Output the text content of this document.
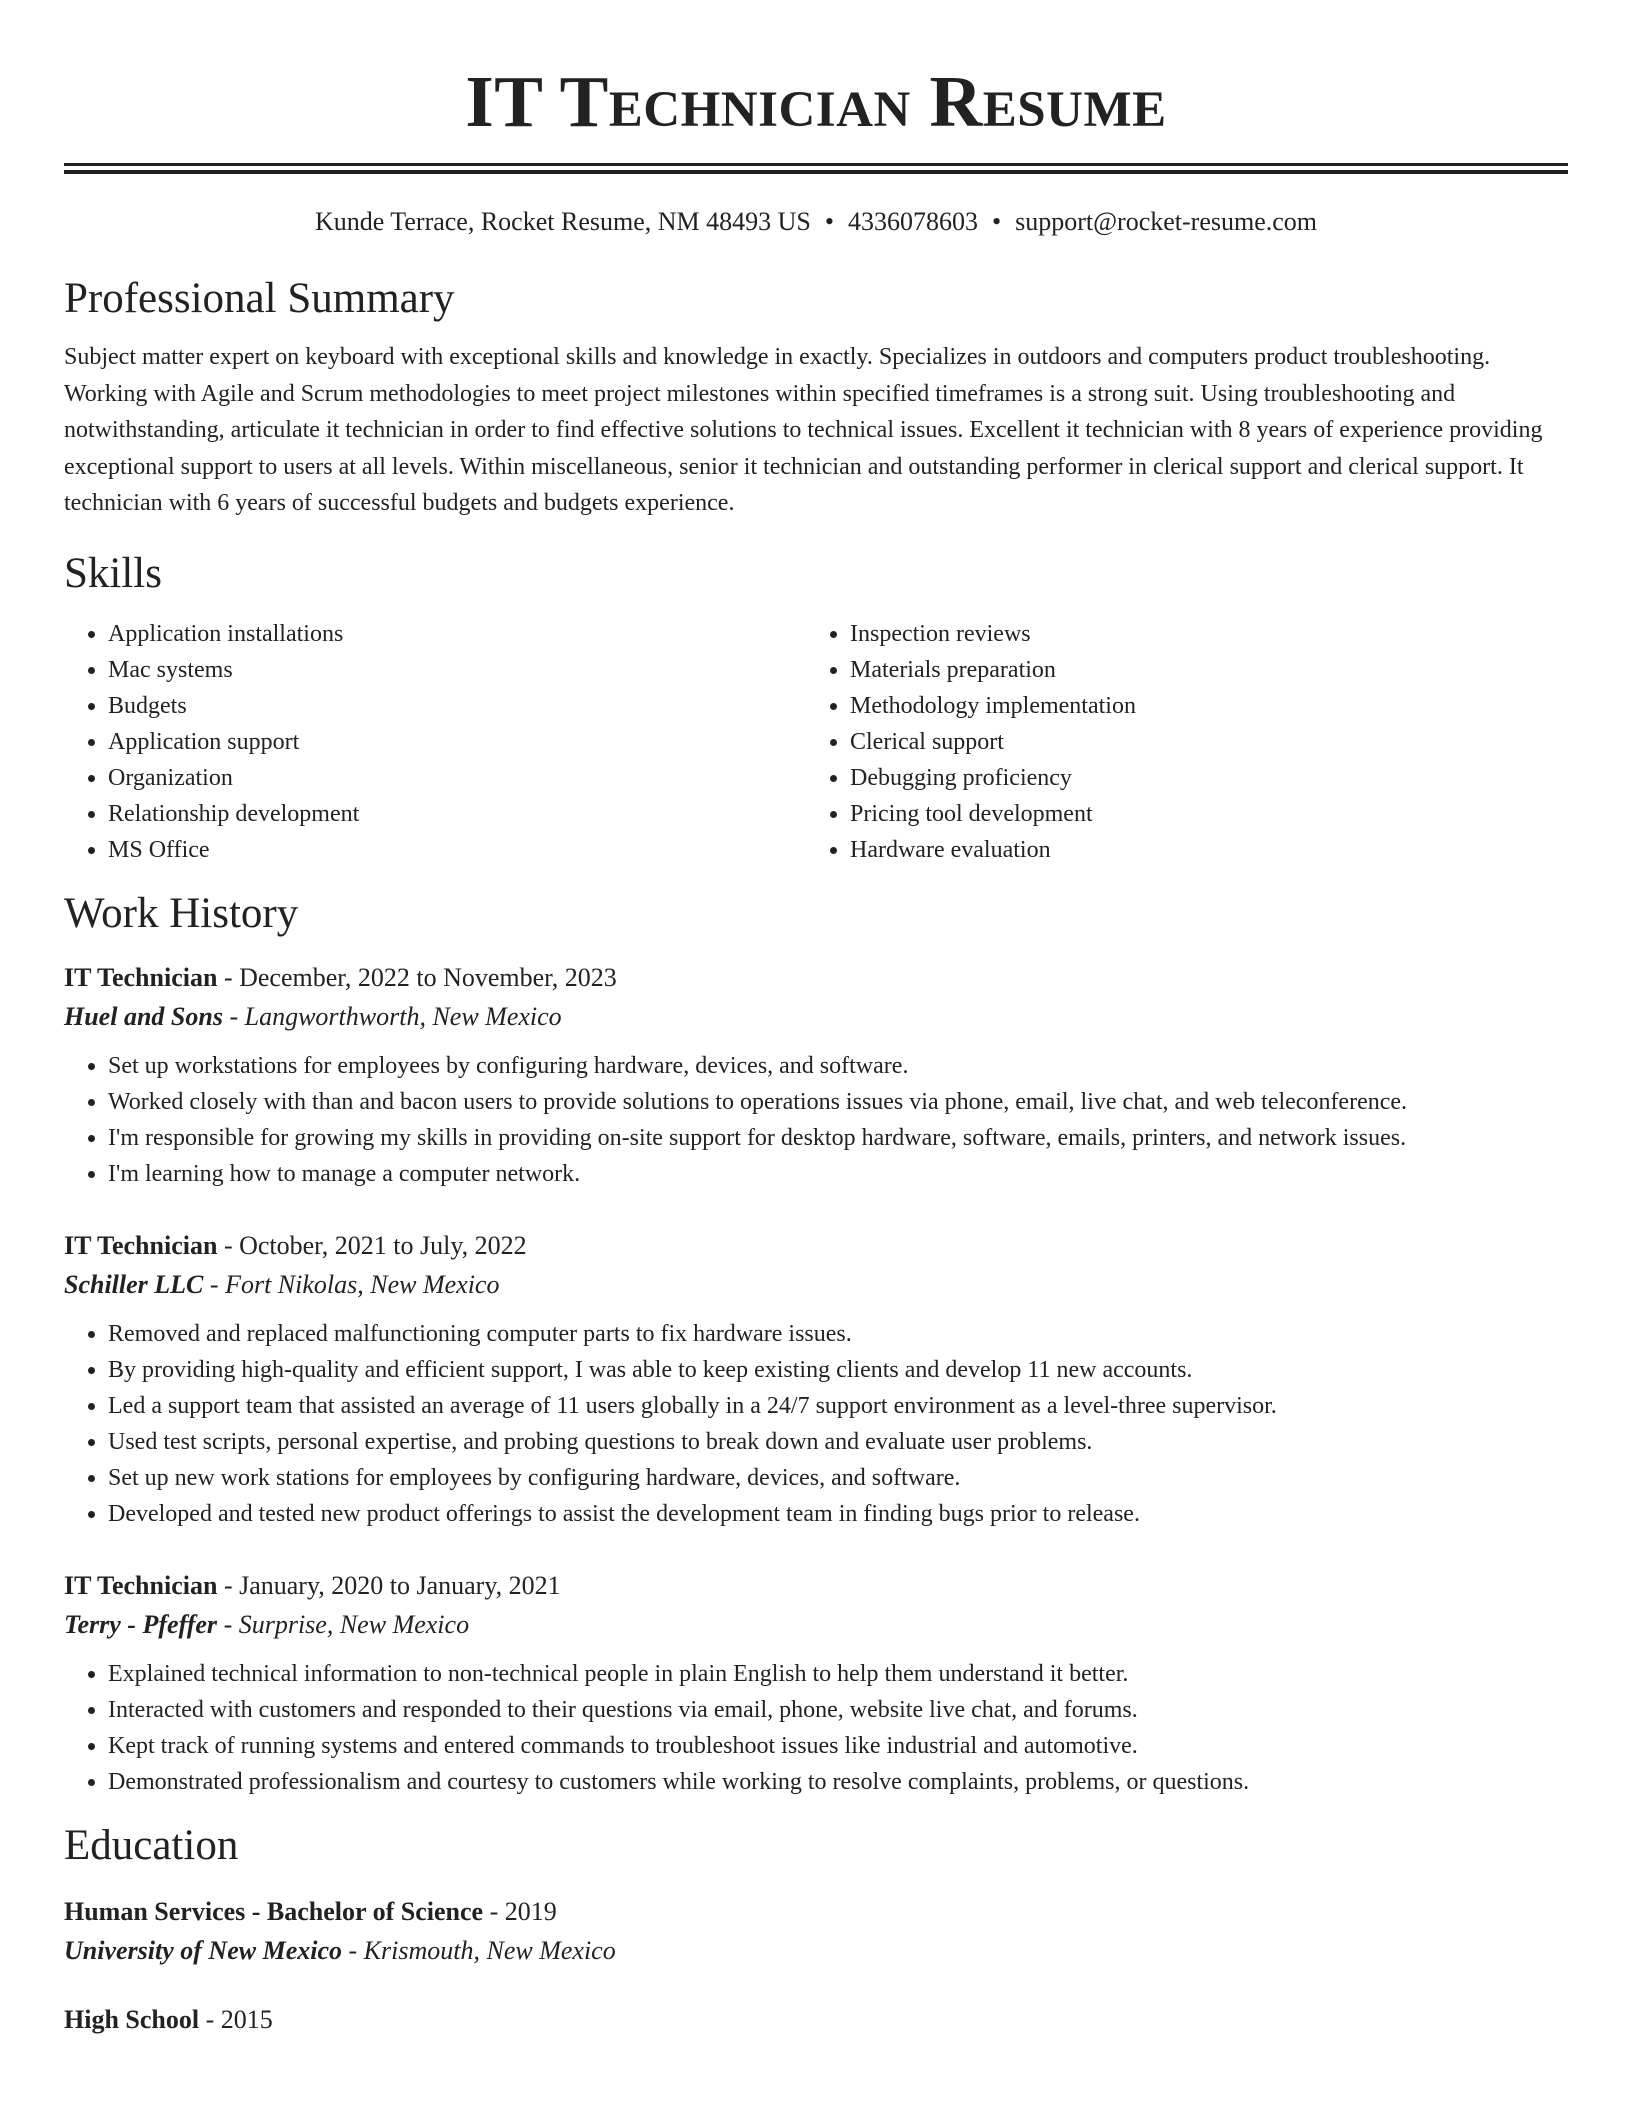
IT Technician Resume
Kunde Terrace, Rocket Resume, NM 48493 US • 4336078603 • support@rocket-resume.com
Professional Summary
Subject matter expert on keyboard with exceptional skills and knowledge in exactly. Specializes in outdoors and computers product troubleshooting. Working with Agile and Scrum methodologies to meet project milestones within specified timeframes is a strong suit. Using troubleshooting and notwithstanding, articulate it technician in order to find effective solutions to technical issues. Excellent it technician with 8 years of experience providing exceptional support to users at all levels. Within miscellaneous, senior it technician and outstanding performer in clerical support and clerical support. It technician with 6 years of successful budgets and budgets experience.
Skills
• Application installations
• Mac systems
• Budgets
• Application support
• Organization
• Relationship development
• MS Office
• Inspection reviews
• Materials preparation
• Methodology implementation
• Clerical support
• Debugging proficiency
• Pricing tool development
• Hardware evaluation
Work History
IT Technician - December, 2022 to November, 2023
Huel and Sons - Langworthworth, New Mexico
• Set up workstations for employees by configuring hardware, devices, and software.
• Worked closely with than and bacon users to provide solutions to operations issues via phone, email, live chat, and web teleconference.
• I'm responsible for growing my skills in providing on-site support for desktop hardware, software, emails, printers, and network issues.
• I'm learning how to manage a computer network.
IT Technician - October, 2021 to July, 2022
Schiller LLC - Fort Nikolas, New Mexico
• Removed and replaced malfunctioning computer parts to fix hardware issues.
• By providing high-quality and efficient support, I was able to keep existing clients and develop 11 new accounts.
• Led a support team that assisted an average of 11 users globally in a 24/7 support environment as a level-three supervisor.
• Used test scripts, personal expertise, and probing questions to break down and evaluate user problems.
• Set up new work stations for employees by configuring hardware, devices, and software.
• Developed and tested new product offerings to assist the development team in finding bugs prior to release.
IT Technician - January, 2020 to January, 2021
Terry - Pfeffer - Surprise, New Mexico
• Explained technical information to non-technical people in plain English to help them understand it better.
• Interacted with customers and responded to their questions via email, phone, website live chat, and forums.
• Kept track of running systems and entered commands to troubleshoot issues like industrial and automotive.
• Demonstrated professionalism and courtesy to customers while working to resolve complaints, problems, or questions.
Education
Human Services - Bachelor of Science - 2019
University of New Mexico - Krismouth, New Mexico
High School - 2015
